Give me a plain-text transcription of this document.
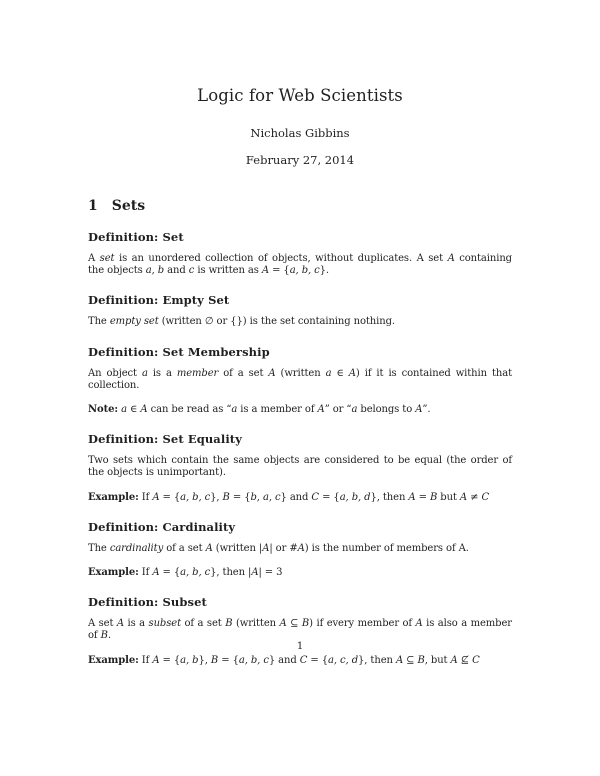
Logic for Web Scientists
Nicholas Gibbins
February 27, 2014
1 Sets
Definition: Set
A set is an unordered collection of objects, without duplicates. A set A containing the objects a, b and c is written as A = {a, b, c}.
Definition: Empty Set
The empty set (written ∅ or {}) is the set containing nothing.
Definition: Set Membership
An object a is a member of a set A (written a ∈ A) if it is contained within that collection.
Note: a ∈ A can be read as “a is a member of A” or “a belongs to A”.
Definition: Set Equality
Two sets which contain the same objects are considered to be equal (the order of the objects is unimportant).
Example: If A = {a, b, c}, B = {b, a, c} and C = {a, b, d}, then A = B but A ≠ C
Definition: Cardinality
The cardinality of a set A (written |A| or #A) is the number of members of A.
Example: If A = {a, b, c}, then |A| = 3
Definition: Subset
A set A is a subset of a set B (written A ⊆ B) if every member of A is also a member of B.
Example: If A = {a, b}, B = {a, b, c} and C = {a, c, d}, then A ⊆ B, but A ⊈ C
1
